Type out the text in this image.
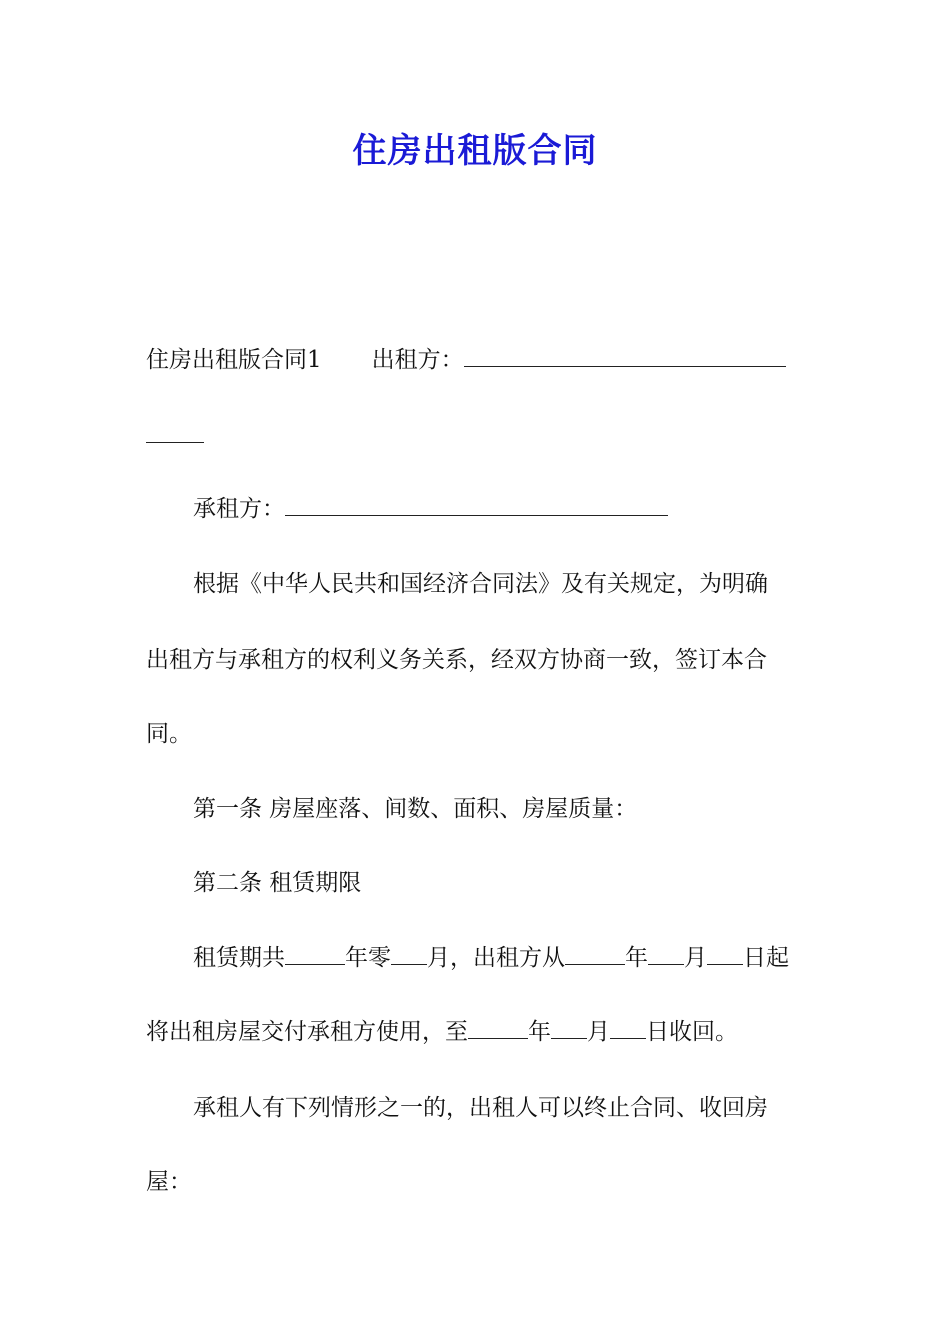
住房出租版合同
住房出租版合同1 出租方：
承租方：
根据《中华人民共和国经济合同法》及有关规定，为明确
出租方与承租方的权利义务关系，经双方协商一致，签订本合
同。
第一条 房屋座落、间数、面积、房屋质量：
第二条 租赁期限
租赁期共	年零 月，出租方从	年 月 日起
将出租房屋交付承租方使用，至	年 月 日收回。
承租人有下列情形之一的，出租人可以终止合同、收回房
屋：
